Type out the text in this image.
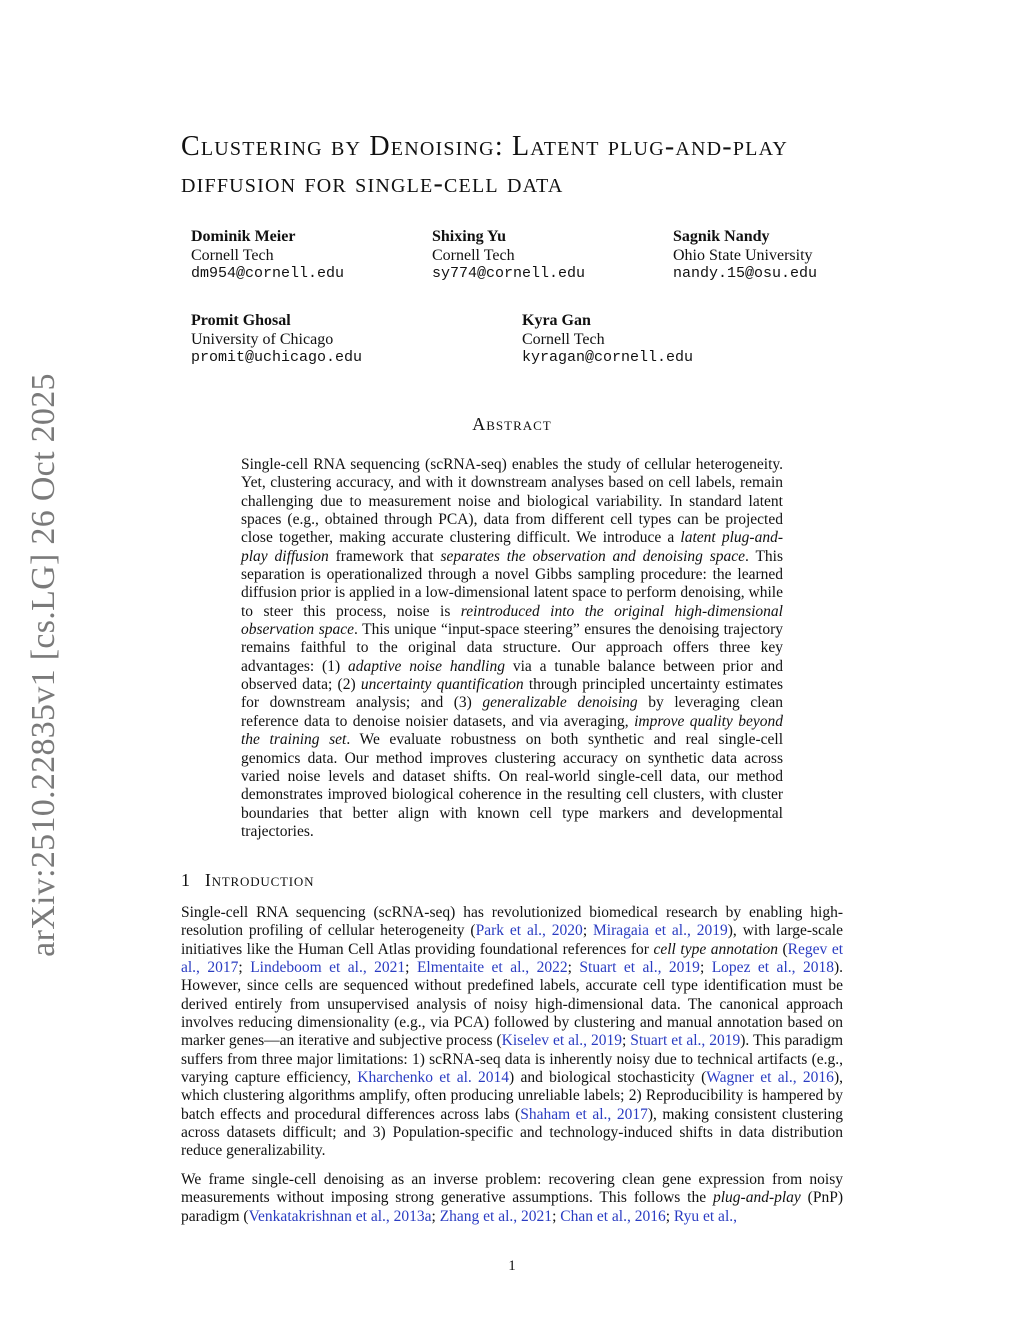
arXiv:2510.22835v1 [cs.LG] 26 Oct 2025
Clustering by Denoising: Latent plug-and-play diffusion for single-cell data
Dominik Meier
Cornell Tech
dm954@cornell.edu
Shixing Yu
Cornell Tech
sy774@cornell.edu
Sagnik Nandy
Ohio State University
nandy.15@osu.edu
Promit Ghosal
University of Chicago
promit@uchicago.edu
Kyra Gan
Cornell Tech
kyragan@cornell.edu
Abstract
Single-cell RNA sequencing (scRNA-seq) enables the study of cellular heterogeneity. Yet, clustering accuracy, and with it downstream analyses based on cell labels, remain challenging due to measurement noise and biological variability. In standard latent spaces (e.g., obtained through PCA), data from different cell types can be projected close together, making accurate clustering difficult. We introduce a latent plug-and-play diffusion framework that separates the observation and denoising space. This separation is operationalized through a novel Gibbs sampling procedure: the learned diffusion prior is applied in a low-dimensional latent space to perform denoising, while to steer this process, noise is reintroduced into the original high-dimensional observation space. This unique “input-space steering” ensures the denoising trajectory remains faithful to the original data structure. Our approach offers three key advantages: (1) adaptive noise handling via a tunable balance between prior and observed data; (2) uncertainty quantification through principled uncertainty estimates for downstream analysis; and (3) generalizable denoising by leveraging clean reference data to denoise noisier datasets, and via averaging, improve quality beyond the training set. We evaluate robustness on both synthetic and real single-cell genomics data. Our method improves clustering accuracy on synthetic data across varied noise levels and dataset shifts. On real-world single-cell data, our method demonstrates improved biological coherence in the resulting cell clusters, with cluster boundaries that better align with known cell type markers and developmental trajectories.
1 Introduction

Single-cell RNA sequencing (scRNA-seq) has revolutionized biomedical research by enabling high-resolution profiling of cellular heterogeneity (Park et al., 2020; Miragaia et al., 2019), with large-scale initiatives like the Human Cell Atlas providing foundational references for cell type annotation (Regev et al., 2017; Lindeboom et al., 2021; Elmentaite et al., 2022; Stuart et al., 2019; Lopez et al., 2018). However, since cells are sequenced without predefined labels, accurate cell type identification must be derived entirely from unsupervised analysis of noisy high-dimensional data. The canonical approach involves reducing dimensionality (e.g., via PCA) followed by clustering and manual annotation based on marker genes—an iterative and subjective process (Kiselev et al., 2019; Stuart et al., 2019). This paradigm suffers from three major limitations: 1) scRNA-seq data is inherently noisy due to technical artifacts (e.g., varying capture efficiency, Kharchenko et al. 2014) and biological stochasticity (Wagner et al., 2016), which clustering algorithms amplify, often producing unreliable labels; 2) Reproducibility is hampered by batch effects and procedural differences across labs (Shaham et al., 2017), making consistent clustering across datasets difficult; and 3) Population-specific and technology-induced shifts in data distribution reduce generalizability.

We frame single-cell denoising as an inverse problem: recovering clean gene expression from noisy measurements without imposing strong generative assumptions. This follows the plug-and-play (PnP) paradigm (Venkatakrishnan et al., 2013a; Zhang et al., 2021; Chan et al., 2016; Ryu et al.,

1
